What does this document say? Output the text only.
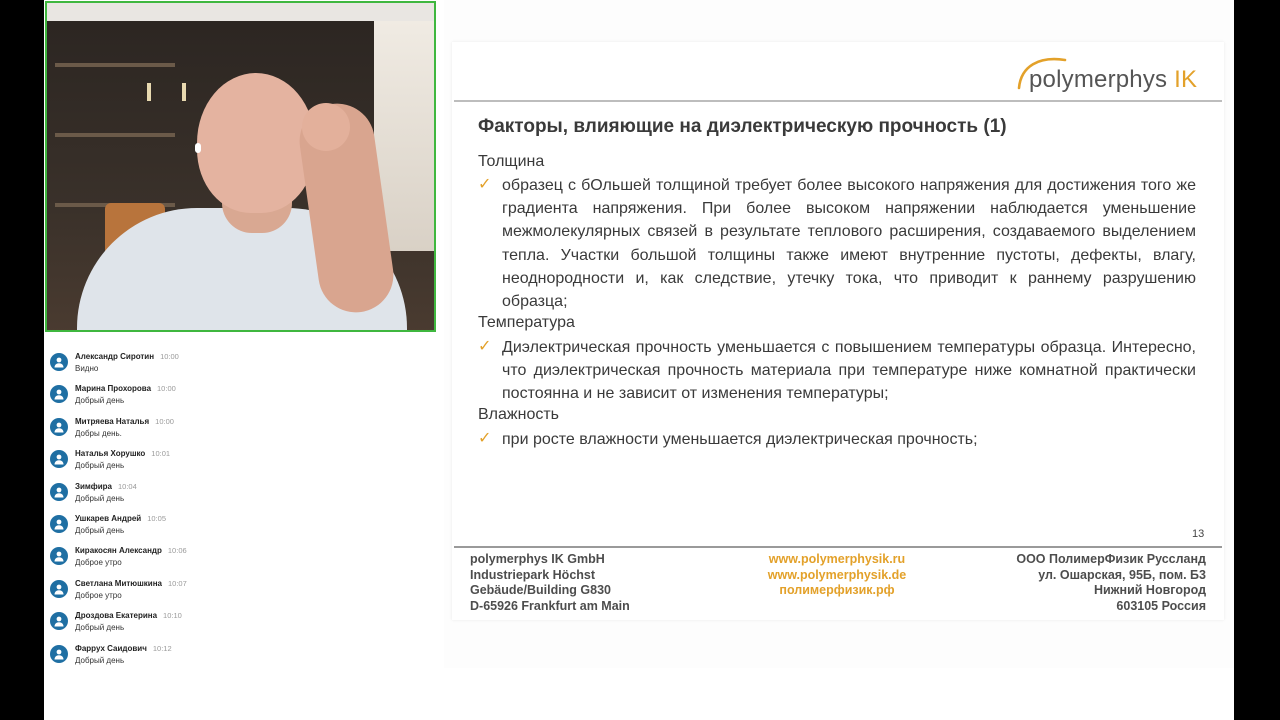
Александр Сиротин 10:00
Видно
Марина Прохорова 10:00
Добрый день
Митряева Наталья 10:00
Добры день.
Наталья Хорушко 10:01
Добрый день
Зимфира 10:04
Добрый день
Ушкарев Андрей 10:05
Добрый день
Киракосян Александр 10:06
Доброе утро
Светлана Митюшкина 10:07
Доброе утро
Дроздова Екатерина 10:10
Добрый день
Фаррух Саидович 10:12
Добрый день
polymerphys IK
Факторы, влияющие на диэлектрическую прочность (1)
Толщина
✓ образец с бОльшей толщиной требует более высокого напряжения для достижения того же градиента напряжения. При более высоком напряжении наблюдается уменьшение межмолекулярных связей в результате теплового расширения, создаваемого выделением тепла. Участки большой толщины также имеют внутренние пустоты, дефекты, влагу, неоднородности и, как следствие, утечку тока, что приводит к раннему разрушению образца;
Температура
✓ Диэлектрическая прочность уменьшается с повышением температуры образца. Интересно, что диэлектрическая прочность материала при температуре ниже комнатной практически постоянна и не зависит от изменения температуры;
Влажность
✓ при росте влажности уменьшается диэлектрическая прочность;
13
polymerphys IK GmbH
Industriepark Höchst
Gebäude/Building G830
D-65926 Frankfurt am Main
www.polymerphysik.ru
www.polymerphysik.de
полимерфизик.рф
ООО ПолимерФизик Руссланд
ул. Ошарская, 95Б, пом. Б3
Нижний Новгород
603105 Россия
